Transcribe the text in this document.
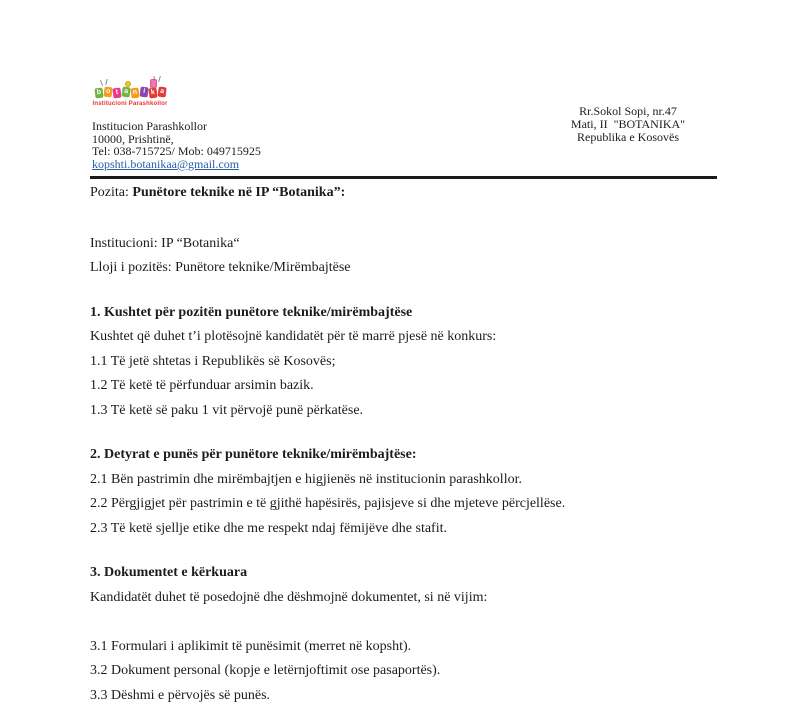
b o t a n i k a
Institucioni Parashkollor

Institucion Parashkollor

10000, Prishtinë,

Tel: 038-715725/ Mob: 049715925

kopshti.botanikaa@gmail.com

Rr.Sokol Sopi, nr.47

Mati, II  "BOTANIKA"

Republika e Kosovës

Pozita: Punëtore teknike në IP “Botanika”:

Institucioni: IP “Botanika“

Lloji i pozitës: Punëtore teknike/Mirëmbajtëse

1. Kushtet për pozitën punëtore teknike/mirëmbajtëse

Kushtet që duhet t’i plotësojnë kandidatët për të marrë pjesë në konkurs:

1.1 Të jetë shtetas i Republikës së Kosovës;

1.2 Të ketë të përfunduar arsimin bazik.

1.3 Të ketë së paku 1 vit përvojë punë përkatëse.

2. Detyrat e punës për punëtore teknike/mirëmbajtëse:

2.1 Bën pastrimin dhe mirëmbajtjen e higjienës në institucionin parashkollor.

2.2 Përgjigjet për pastrimin e të gjithë hapësirës, pajisjeve si dhe mjeteve përcjellëse.

2.3 Të ketë sjellje etike dhe me respekt ndaj fëmijëve dhe stafit.

3. Dokumentet e kërkuara

Kandidatët duhet të posedojnë dhe dëshmojnë dokumentet, si në vijim:

3.1 Formulari i aplikimit të punësimit (merret në kopsht).

3.2 Dokument personal (kopje e letërnjoftimit ose pasaportës).

3.3 Dëshmi e përvojës së punës.
